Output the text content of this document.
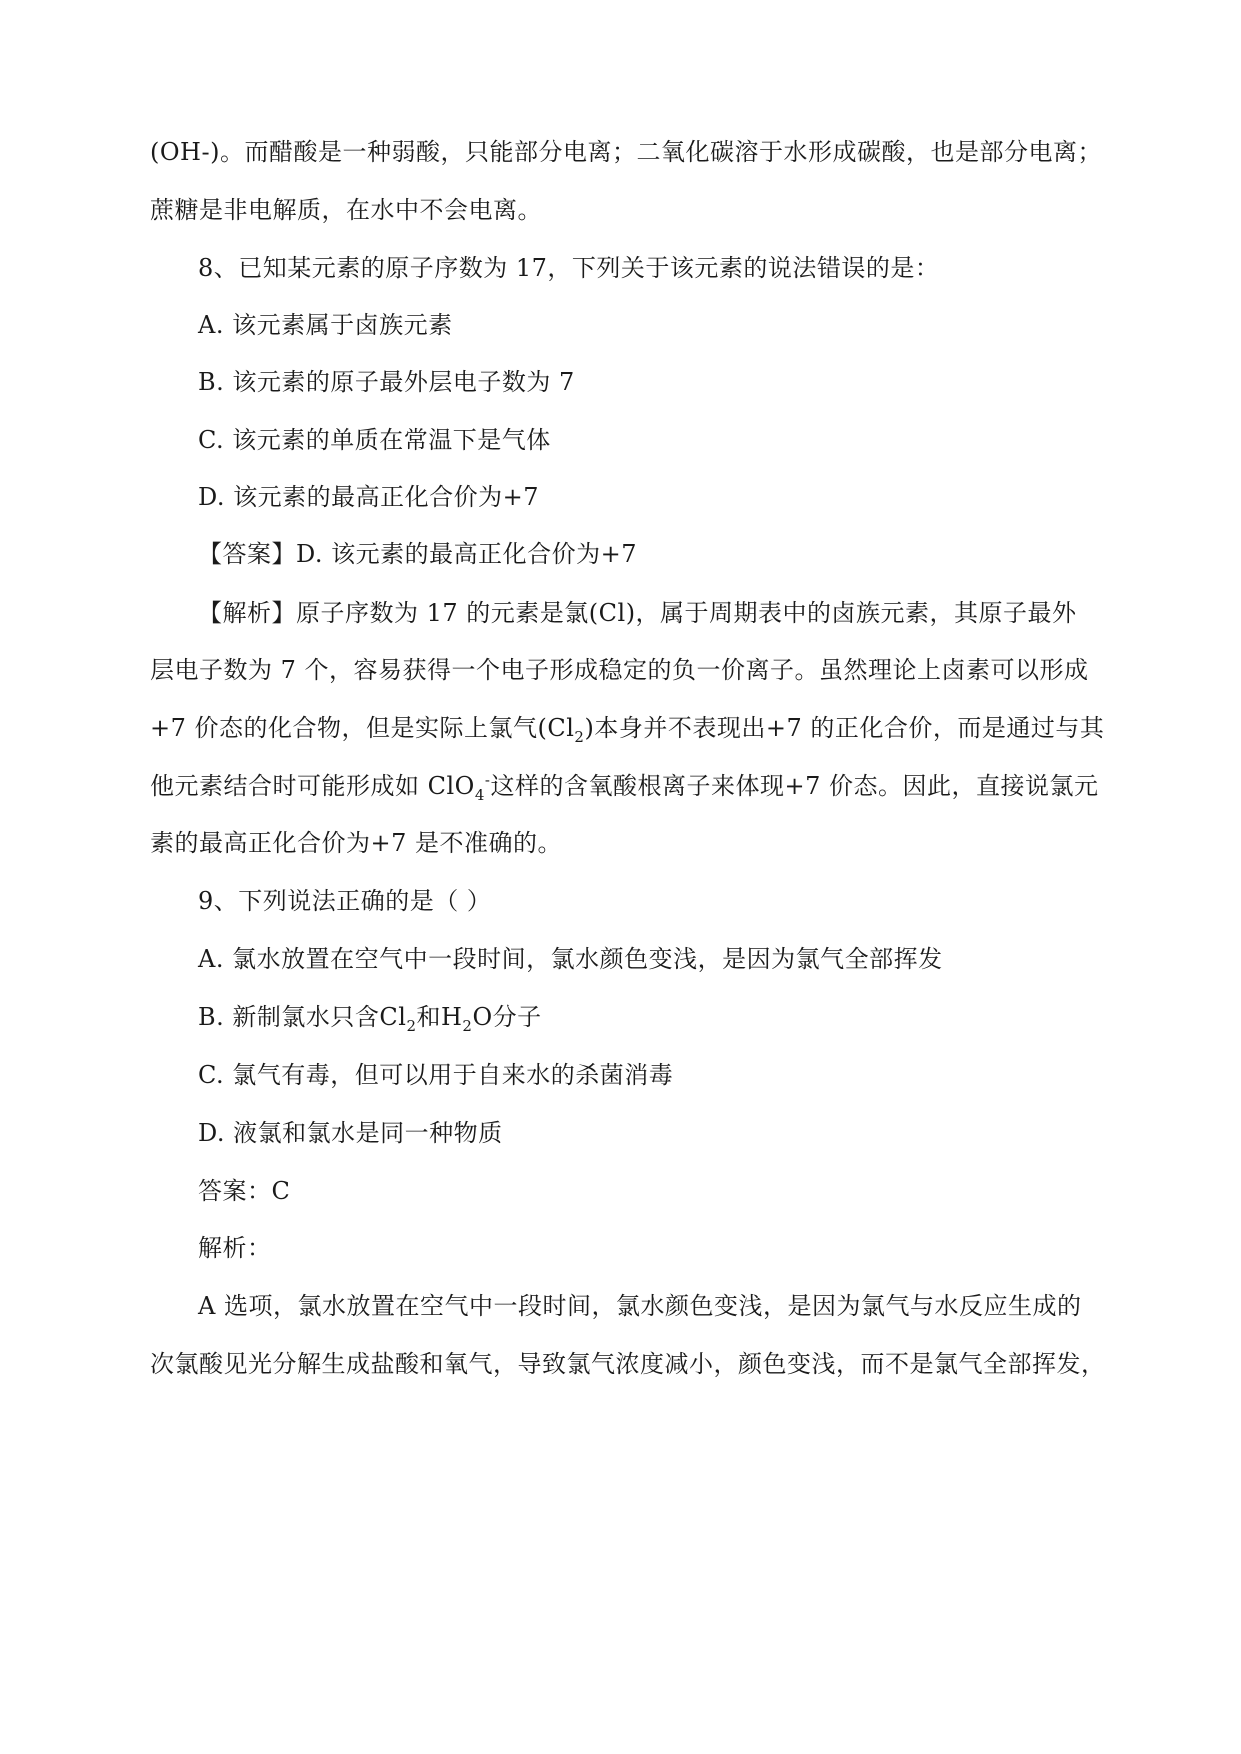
(OH-)。而醋酸是一种弱酸，只能部分电离；二氧化碳溶于水形成碳酸，也是部分电离；
蔗糖是非电解质，在水中不会电离。
8、已知某元素的原子序数为 17，下列关于该元素的说法错误的是：
A. 该元素属于卤族元素
B. 该元素的原子最外层电子数为 7
C. 该元素的单质在常温下是气体
D. 该元素的最高正化合价为+7
【答案】D. 该元素的最高正化合价为+7
【解析】原子序数为 17 的元素是氯(Cl)，属于周期表中的卤族元素，其原子最外
层电子数为 7 个，容易获得一个电子形成稳定的负一价离子。虽然理论上卤素可以形成
+7 价态的化合物，但是实际上氯气$(Cl_2)$本身并不表现出+7 的正化合价，而是通过与其
他元素结合时可能形成如 ClO$_4$-这样的含氧酸根离子来体现+7 价态。因此，直接说氯元
素的最高正化合价为+7 是不准确的。
9、下列说法正确的是（ ）
A. 氯水放置在空气中一段时间，氯水颜色变浅，是因为氯气全部挥发
B. 新制氯水只含$Cl_2$和$H_2O$分子
C. 氯气有毒，但可以用于自来水的杀菌消毒
D. 液氯和氯水是同一种物质
答案：C
解析：
A 选项，氯水放置在空气中一段时间，氯水颜色变浅，是因为氯气与水反应生成的
次氯酸见光分解生成盐酸和氧气，导致氯气浓度减小，颜色变浅，而不是氯气全部挥发，
